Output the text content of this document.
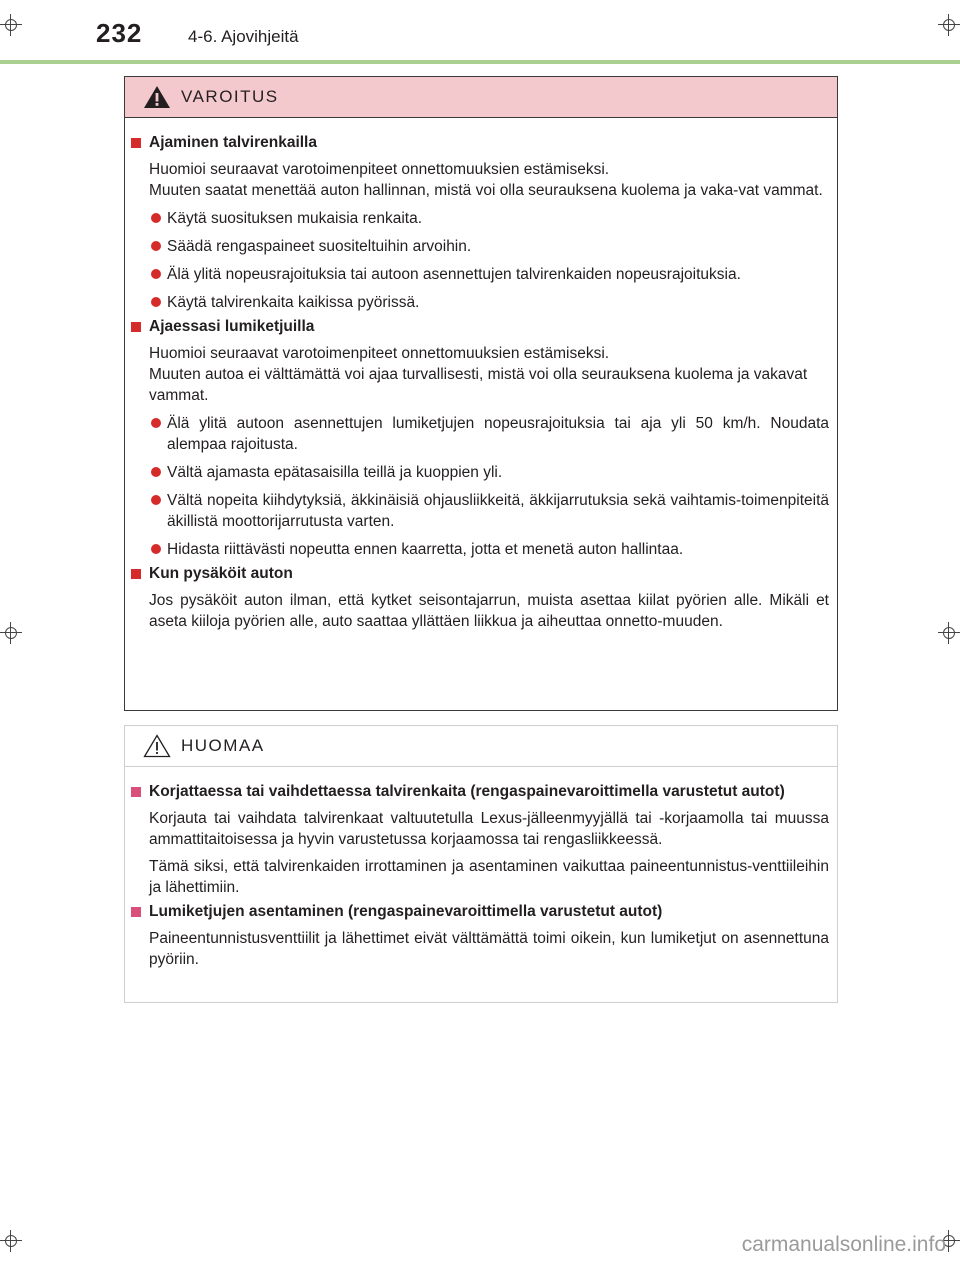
232	4-6. Ajovihjeitä
VAROITUS
Ajaminen talvirenkailla
Huomioi seuraavat varotoimenpiteet onnettomuuksien estämiseksi.
Muuten saatat menettää auton hallinnan, mistä voi olla seurauksena kuolema ja vaka-vat vammat.
Käytä suosituksen mukaisia renkaita.
Säädä rengaspaineet suositeltuihin arvoihin.
Älä ylitä nopeusrajoituksia tai autoon asennettujen talvirenkaiden nopeusrajoituksia.
Käytä talvirenkaita kaikissa pyörissä.
Ajaessasi lumiketjuilla
Huomioi seuraavat varotoimenpiteet onnettomuuksien estämiseksi.
Muuten autoa ei välttämättä voi ajaa turvallisesti, mistä voi olla seurauksena kuolema ja vakavat vammat.
Älä ylitä autoon asennettujen lumiketjujen nopeusrajoituksia tai aja yli 50 km/h. Noudata alempaa rajoitusta.
Vältä ajamasta epätasaisilla teillä ja kuoppien yli.
Vältä nopeita kiihdytyksiä, äkkinäisiä ohjausliikkeitä, äkkijarrutuksia sekä vaihtamis-toimenpiteitä äkillistä moottorijarrutusta varten.
Hidasta riittävästi nopeutta ennen kaarretta, jotta et menetä auton hallintaa.
Kun pysäköit auton
Jos pysäköit auton ilman, että kytket seisontajarrun, muista asettaa kiilat pyörien alle. Mikäli et aseta kiiloja pyörien alle, auto saattaa yllättäen liikkua ja aiheuttaa onnetto-muuden.
HUOMAA
Korjattaessa tai vaihdettaessa talvirenkaita (rengaspainevaroittimella varustetut autot)
Korjauta tai vaihdata talvirenkaat valtuutetulla Lexus-jälleenmyyjällä tai -korjaamolla tai muussa ammattitaitoisessa ja hyvin varustetussa korjaamossa tai rengasliikkeessä.
Tämä siksi, että talvirenkaiden irrottaminen ja asentaminen vaikuttaa paineentunnistus-venttiileihin ja lähettimiin.
Lumiketjujen asentaminen (rengaspainevaroittimella varustetut autot)
Paineentunnistusventtiilit ja lähettimet eivät välttämättä toimi oikein, kun lumiketjut on asennettuna pyöriin.
carmanualsonline.info
